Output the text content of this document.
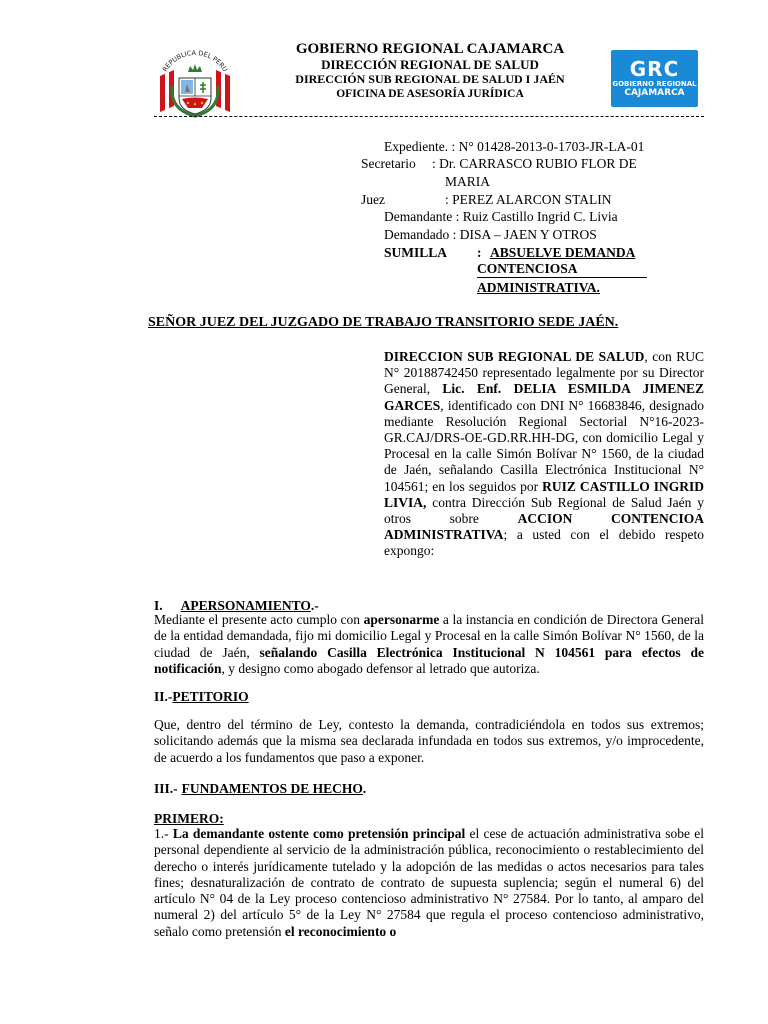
REPUBLICA DEL PERU
GOBIERNO REGIONAL CAJAMARCA
DIRECCIÓN REGIONAL DE SALUD
DIRECCIÓN SUB REGIONAL DE SALUD I JAÉN
OFICINA DE ASESORÍA JURÍDICA
GRC
GOBIERNO REGIONAL
CAJAMARCA
Expediente. : N° 01428-2013-0-1703-JR-LA-01
Secretario : Dr. CARRASCO RUBIO FLOR DE
MARIA
Juez	: PEREZ ALARCON STALIN
Demandante : Ruiz Castillo Ingrid C. Livia
Demandado : DISA – JAEN Y OTROS
SUMILLA : ABSUELVE DEMANDA
CONTENCIOSA
ADMINISTRATIVA.
SEÑOR JUEZ DEL JUZGADO DE TRABAJO TRANSITORIO SEDE JAÉN.
DIRECCION SUB REGIONAL DE SALUD, con RUC N° 20188742450 representado legalmente por su Director General, Lic. Enf. DELIA ESMILDA JIMENEZ GARCES, identificado con DNI N° 16683846, designado mediante Resolución Regional Sectorial N°16-2023-GR.CAJ/DRS-OE-GD.RR.HH-DG, con domicilio Legal y Procesal en la calle Simón Bolívar N° 1560, de la ciudad de Jaén, señalando Casilla Electrónica Institucional N° 104561; en los seguidos por RUIZ CASTILLO INGRID LIVIA, contra Dirección Sub Regional de Salud Jaén y otros sobre ACCION CONTENCIOA ADMINISTRATIVA; a usted con el debido respeto expongo:
I. APERSONAMIENTO.-
Mediante el presente acto cumplo con apersonarme a la instancia en condición de Directora General de la entidad demandada, fijo mi domicilio Legal y Procesal en la calle Simón Bolívar N° 1560, de la ciudad de Jaén, señalando Casilla Electrónica Institucional N 104561 para efectos de notificación, y designo como abogado defensor al letrado que autoriza.
II.-PETITORIO
Que, dentro del término de Ley, contesto la demanda, contradiciéndola en todos sus extremos; solicitando además que la misma sea declarada infundada en todos sus extremos, y/o improcedente, de acuerdo a los fundamentos que paso a exponer.
III.- FUNDAMENTOS DE HECHO.
PRIMERO:
1.- La demandante ostente como pretensión principal el cese de actuación administrativa sobe el personal dependiente al servicio de la administración pública, reconocimiento o restablecimiento del derecho o interés jurídicamente tutelado y la adopción de las medidas o actos necesarios para tales fines; desnaturalización de contrato de contrato de supuesta suplencia; según el numeral 6) del artículo N° 04 de la Ley proceso contencioso administrativo N° 27584. Por lo tanto, al amparo del numeral 2) del artículo 5° de la Ley N° 27584 que regula el proceso contencioso administrativo, señalo como pretensión el reconocimiento o
